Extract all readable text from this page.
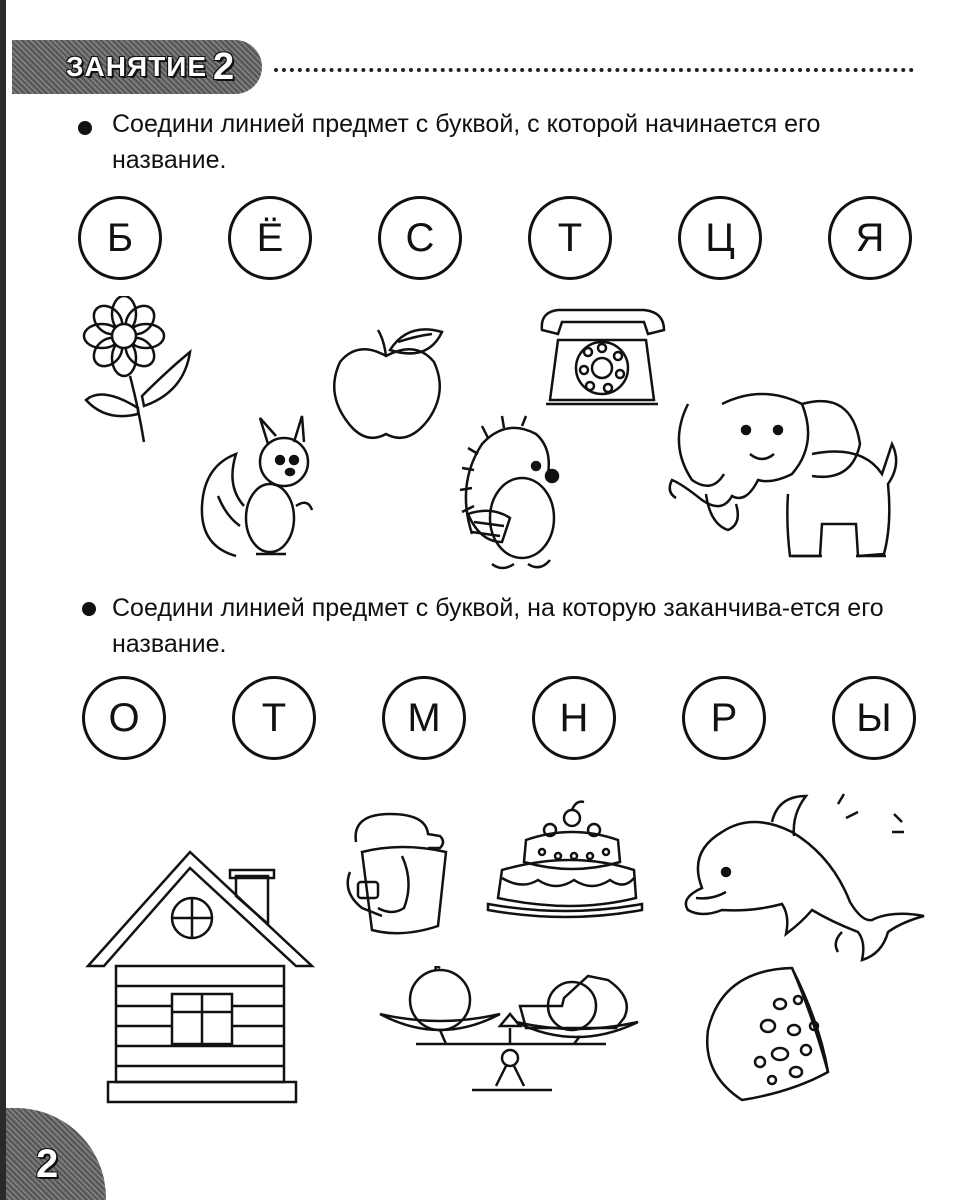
ЗАНЯТИЕ 2
Соедини линией предмет с буквой, с которой начинается его название.
Б	Ё	С	Т	Ц	Я
Соедини линией предмет с буквой, на которую заканчива-ется его название.
О	Т	М	Н	Р	Ы
2
